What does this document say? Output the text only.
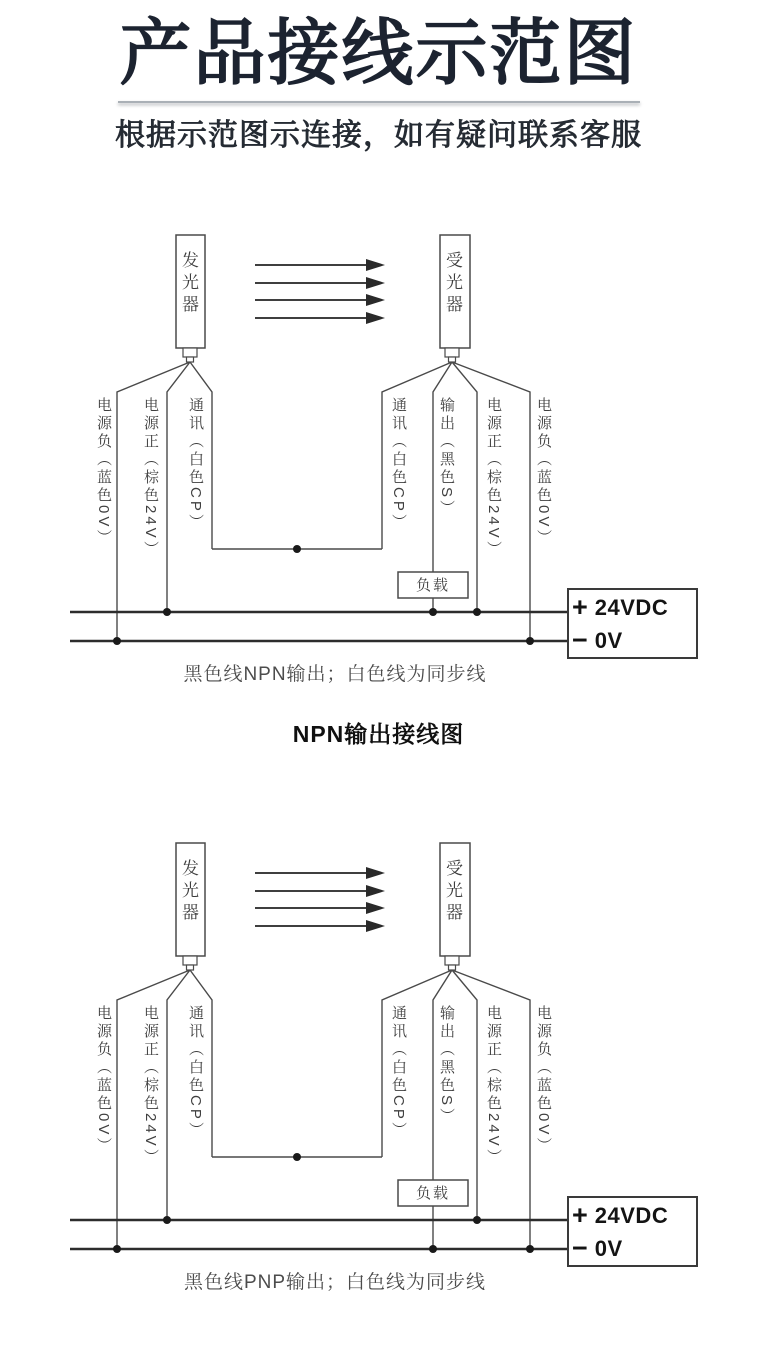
产品接线示范图
根据示范图示连接，如有疑问联系客服
发光器	受光器
电源负（蓝色0V） 电源正（棕色24V） 通讯（白色CP）	通讯（白色CP） 输出（黑色S） 电源正（棕色24V） 电源负（蓝色0V）
负载
+ 24VDC
− 0V
黑色线NPN输出；白色线为同步线
NPN输出接线图
发光器	受光器
电源负（蓝色0V） 电源正（棕色24V） 通讯（白色CP）	通讯（白色CP） 输出（黑色S） 电源正（棕色24V） 电源负（蓝色0V）
负载
+ 24VDC
− 0V
黑色线PNP输出；白色线为同步线
